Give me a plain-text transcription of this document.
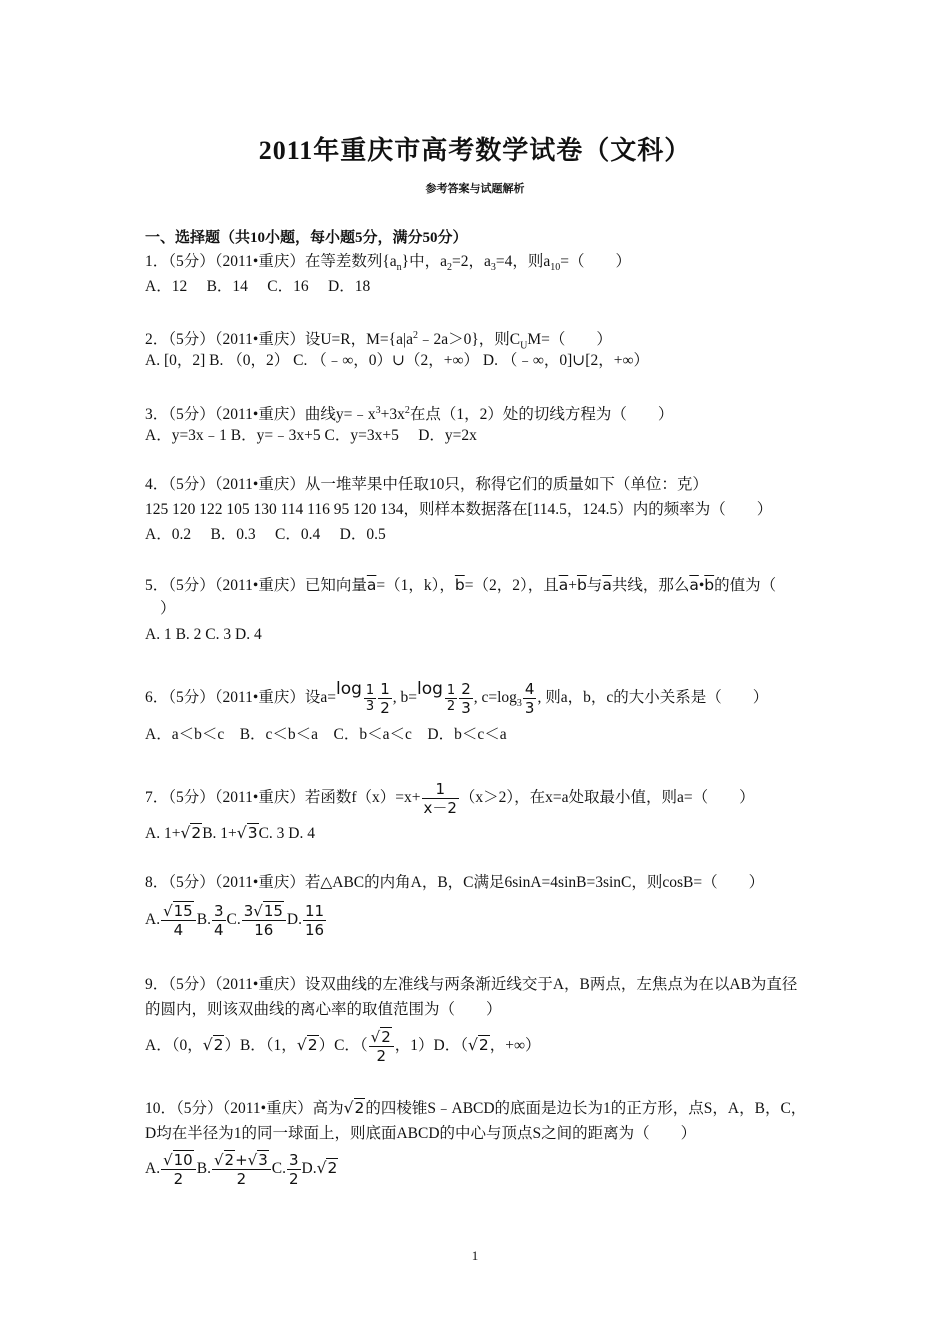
2011年重庆市高考数学试卷（文科）
参考答案与试题解析
一、选择题（共10小题，每小题5分，满分50分）
1．（5分）（2011•重庆）在等差数列$\{a_n\}$中，$a_2=2$，$a_3=4$，则$a_{10}=$（　　）
A．12　 B．14　 C．16　 D．18
2．（5分）（2011•重庆）设U=R，$M=\{a|a^2﹣2a>0\}$，则$C_UM=$（　　）
A. [0，2] B. （0，2） C. （﹣∞，0）∪（2，+∞） D. （﹣∞，0]∪[2，+∞）
3．（5分）（2011•重庆）曲线$y=﹣x^3+3x^2$在点（1，2）处的切线方程为（　　）
A．y=3x﹣1 B．y=﹣3x+5 C．y=3x+5　 D．y=2x
4．（5分）（2011•重庆）从一堆苹果中任取10只，称得它们的质量如下（单位：克）
125 120 122 105 130 114 116 95 120 134，则样本数据落在[114.5，124.5）内的频率为（　　）
A．0.2　 B．0.3　 C．0.4　 D．0.5
5．（5分）（2011•重庆）已知向量$\overline{a}=(1$，k），$\overline{b}=(2$，2），且$\overline{a}+\overline{b}$与$\overline{a}$共线，那么$\overline{a}•\overline{b}$的值为（
）
A. 1 B. 2 C. 3 D. 4
6．（5分）（2011•重庆）设$a= \log \frac{1}{3} \frac{1}{2}$ , $b= \log \frac{1}{2} \frac{2}{3}$ , $c=\log_3 \frac{4}{3}$ , 则a，b，c的大小关系是（　　）
A．a＜b＜c　B．c＜b＜a　C．b＜a＜c　D．b＜c＜a
7．（5分）（2011•重庆）若函数$f(x)=x+ \frac{1}{x-2} (x>2)$，在x=a处取最小值，则a=（　　）
A. 1+√2B. 1+√3C. 3 D. 4
8．（5分）（2011•重庆）若△ABC的内角A，B，C满足6sinA=4sinB=3sinC，则cosB=（　　）
A. $\frac{√15}{4} B$. $\frac{3}{4} C$. $\frac{3√15}{16} D$. $\frac{11}{16}$
9．（5分）（2011•重庆）设双曲线的左准线与两条渐近线交于A，B两点，左焦点为在以AB为直径的圆内，则该双曲线的离心率的取值范围为（　　）
A．（0，√2）B．（1，√2）C．（ $\frac{√2}{2}$ ，1）D．（√2，+∞）
10．（5分）（2011•重庆）高为√2的四棱锥S﹣ABCD的底面是边长为1的正方形，点S，A，B，C，D均在半径为1的同一球面上，则底面ABCD的中心与顶点S之间的距离为（　　）
A. $\frac{√10}{2} B$. $\frac{√2+√3}{2} C$. $\frac{3}{2} D.√2$
1
